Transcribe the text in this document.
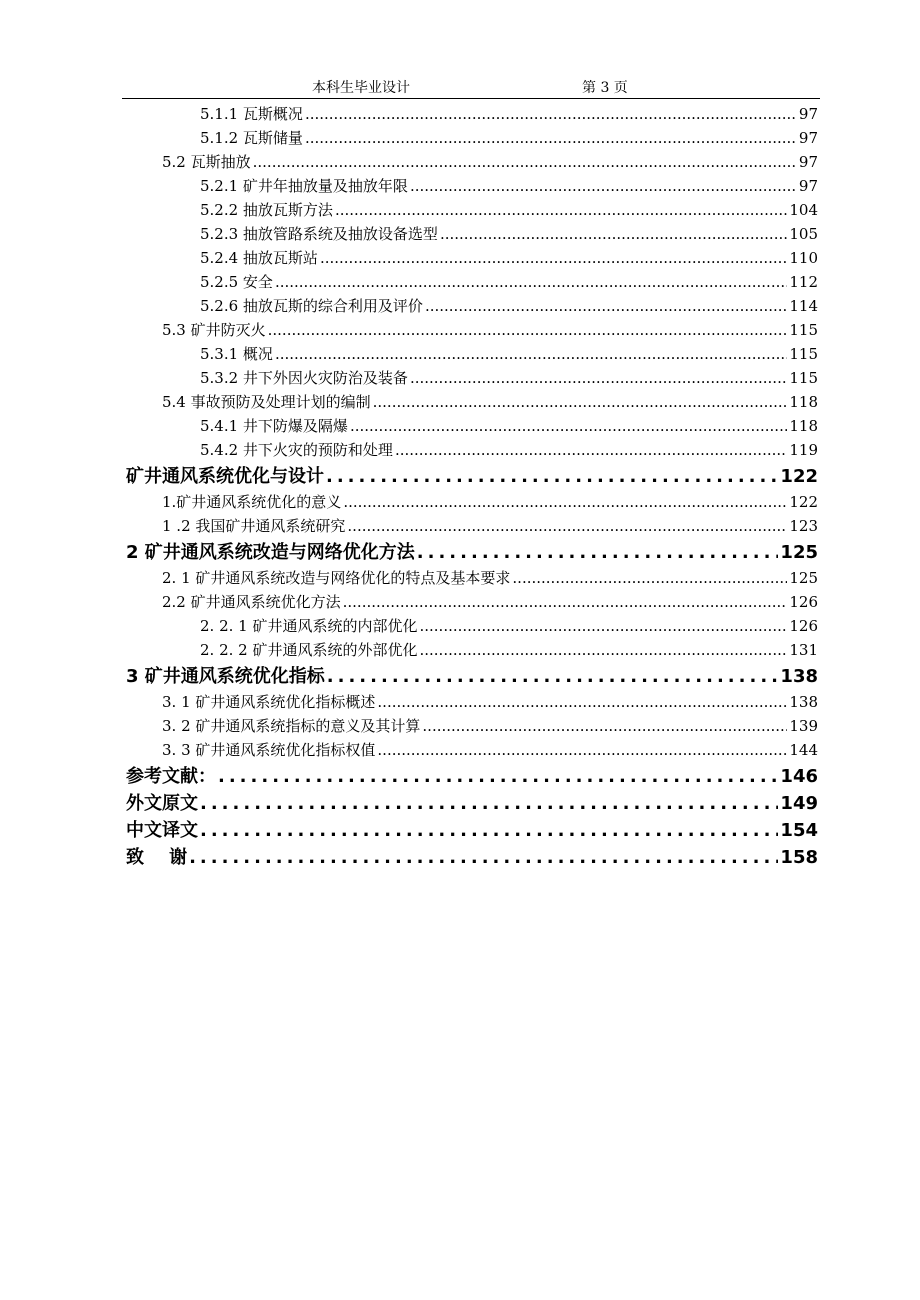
本科生毕业设计	第 3 页
5.1.1 瓦斯概况 .....	97
5.1.2 瓦斯储量 .....	97
5.2 瓦斯抽放 .....	97
5.2.1 矿井年抽放量及抽放年限 .....	97
5.2.2 抽放瓦斯方法 .....	104
5.2.3 抽放管路系统及抽放设备选型 .....	105
5.2.4 抽放瓦斯站 .....	110
5.2.5 安全 .....	112
5.2.6 抽放瓦斯的综合利用及评价 .....	114
5.3 矿井防灭火 .....	115
5.3.1 概况 .....	115
5.3.2 井下外因火灾防治及装备 .....	115
5.4 事故预防及处理计划的编制 .....	118
5.4.1 井下防爆及隔爆 .....	118
5.4.2 井下火灾的预防和处理 .....	119
矿井通风系统优化与设计 .....	122
1.矿井通风系统优化的意义 .....	122
1 .2 我国矿井通风系统研究 .....	123
2 矿井通风系统改造与网络优化方法 .....	125
2. 1 矿井通风系统改造与网络优化的特点及基本要求 .....	125
2.2 矿井通风系统优化方法 .....	126
2. 2. 1 矿井通风系统的内部优化 .....	126
2. 2. 2 矿井通风系统的外部优化 .....	131
3 矿井通风系统优化指标 .....	138
3. 1 矿井通风系统优化指标概述 .....	138
3. 2 矿井通风系统指标的意义及其计算 .....	139
3. 3 矿井通风系统优化指标权值 .....	144
参考文献： .....	146
外文原文 .....	149
中文译文 .....	154
致    谢 .....	158
